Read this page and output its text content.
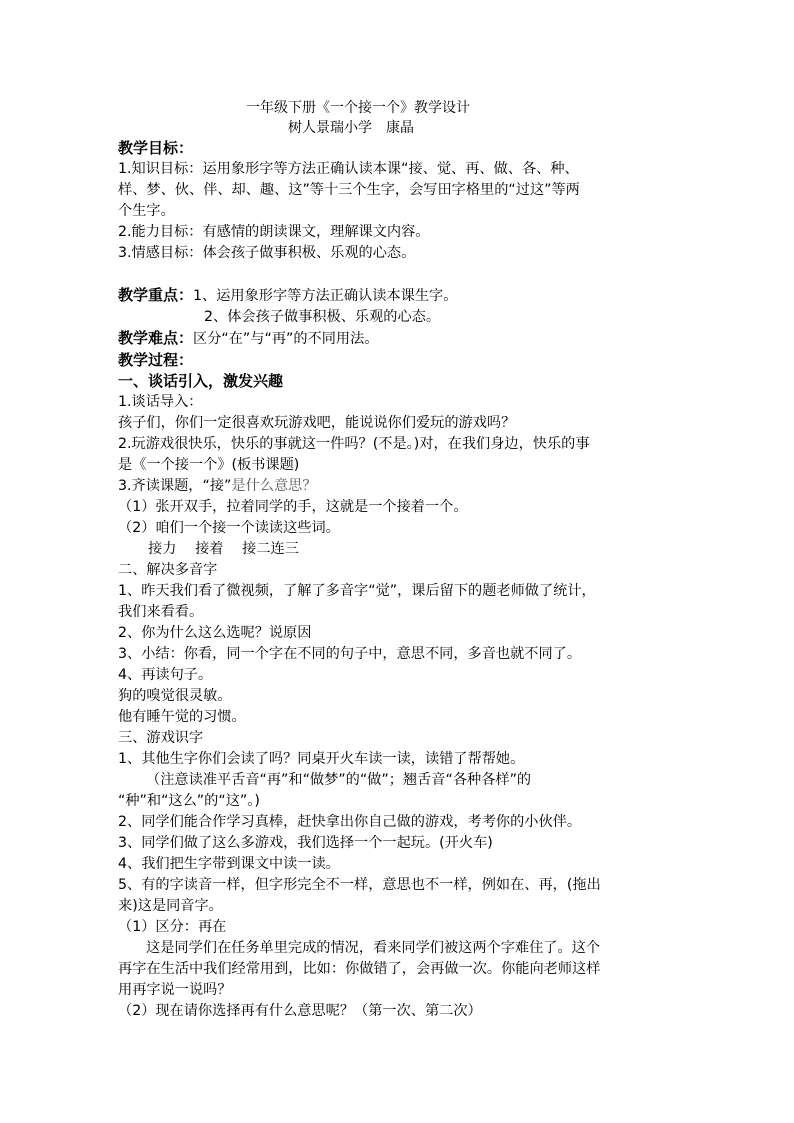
一年级下册《一个接一个》教学设计
树人景瑞小学　康晶

教学目标：

1.知识目标：运用象形字等方法正确认读本课“接、觉、再、做、各、种、

样、梦、伙、伴、却、趣、这”等十三个生字，会写田字格里的“过这”等两

个生字。

2.能力目标：有感情的朗读课文，理解课文内容。

3.情感目标：体会孩子做事积极、乐观的心态。

教学重点：1、运用象形字等方法正确认读本课生字。

2、体会孩子做事积极、乐观的心态。

教学难点：区分“在”与“再”的不同用法。

教学过程：

一、谈话引入，激发兴趣

1.谈话导入：

孩子们，你们一定很喜欢玩游戏吧，能说说你们爱玩的游戏吗？

2.玩游戏很快乐，快乐的事就这一件吗？(不是。)对，在我们身边，快乐的事

是《一个接一个》(板书课题)

3.齐读课题，“接”是什么意思？

（1）张开双手，拉着同学的手，这就是一个接着一个。

（2）咱们一个接一个读读这些词。

接力　 接着　 接二连三

二、解决多音字

1、昨天我们看了微视频，了解了多音字“觉”，课后留下的题老师做了统计，

我们来看看。

2、你为什么这么选呢？说原因

3、小结：你看，同一个字在不同的句子中，意思不同，多音也就不同了。

4、再读句子。

狗的嗅觉很灵敏。

他有睡午觉的习惯。

三、游戏识字

1、其他生字你们会读了吗？同桌开火车读一读，读错了帮帮她。

（注意读准平舌音“再”和“做梦”的“做”；翘舌音“各种各样”的

“种”和“这么”的“这”。)

2、同学们能合作学习真棒，赶快拿出你自己做的游戏，考考你的小伙伴。

3、同学们做了这么多游戏，我们选择一个一起玩。(开火车)

4、我们把生字带到课文中读一读。

5、有的字读音一样，但字形完全不一样，意思也不一样，例如在、再，(拖出

来)这是同音字。

（1）区分：再在

这是同学们在任务单里完成的情况，看来同学们被这两个字难住了。这个

再字在生活中我们经常用到，比如：你做错了，会再做一次。你能向老师这样

用再字说一说吗？

（2）现在请你选择再有什么意思呢？（第一次、第二次）
